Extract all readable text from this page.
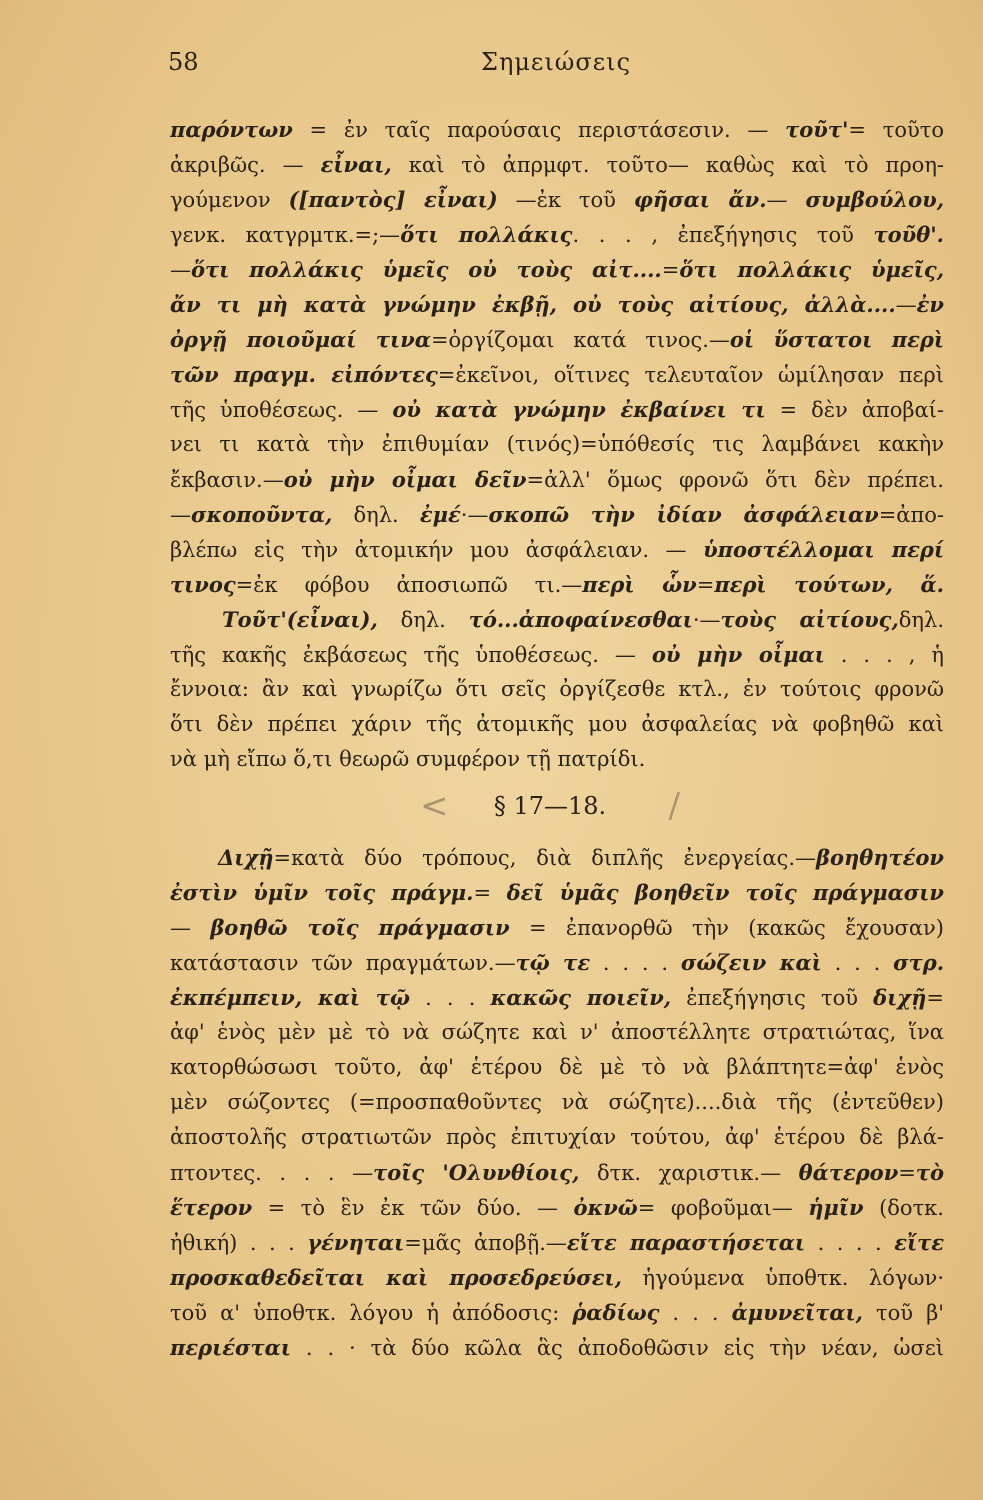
58	Σημειώσεις
παρόντων = ἐν ταῖς παρούσαις περιστάσεσιν. — τοῦτ'= τοῦτο
ἀκριβῶς. — εἶναι, καὶ τὸ ἀπρμφτ. τοῦτο— καθὼς καὶ τὸ προη-
γούμενον ([παντὸς] εἶναι) —ἐκ τοῦ φῆσαι ἄν.— συμβούλου,
γενκ. κατγρμτκ.=;—ὅτι πολλάκις. . . , ἐπεξήγησις τοῦ τοῦθ'.
—ὅτι πολλάκις ὑμεῖς οὐ τοὺς αἰτ....=ὅτι πολλάκις ὑμεῖς,
ἄν τι μὴ κατὰ γνώμην ἐκβῇ, οὐ τοὺς αἰτίους, ἀλλὰ....—ἐν
ὀργῇ ποιοῦμαί τινα=ὀργίζομαι κατά τινος.—οἱ ὕστατοι περὶ
τῶν πραγμ. εἰπόντες=ἐκεῖνοι, οἵτινες τελευταῖον ὡμίλησαν περὶ
τῆς ὑποθέσεως. — οὐ κατὰ γνώμην ἐκβαίνει τι = δὲν ἀποβαί-
νει τι κατὰ τὴν ἐπιθυμίαν (τινός)=ὑπόθεσίς τις λαμβάνει κακὴν
ἔκβασιν.—οὐ μὴν οἶμαι δεῖν=ἀλλ' ὅμως φρονῶ ὅτι δὲν πρέπει.
—σκοποῦντα, δηλ. ἐμέ·—σκοπῶ τὴν ἰδίαν ἀσφάλειαν=ἀπο-
βλέπω εἰς τὴν ἀτομικήν μου ἀσφάλειαν. — ὑποστέλλομαι περί
τινος=ἐκ φόβου ἀποσιωπῶ τι.—περὶ ὧν=περὶ τούτων, ἅ.
Τοῦτ'(εἶναι), δηλ. τό...ἀποφαίνεσθαι·—τοὺς αἰτίους,δηλ.
τῆς κακῆς ἐκβάσεως τῆς ὑποθέσεως. — οὐ μὴν οἶμαι . . . , ἡ
ἔννοια: ἂν καὶ γνωρίζω ὅτι σεῖς ὀργίζεσθε κτλ., ἐν τούτοις φρονῶ
ὅτι δὲν πρέπει χάριν τῆς ἀτομικῆς μου ἀσφαλείας νὰ φοβηθῶ καὶ
νὰ μὴ εἴπω ὅ,τι θεωρῶ συμφέρον τῇ πατρίδι.
< § 17—18. /
Διχῇ=κατὰ δύο τρόπους, διὰ διπλῆς ἐνεργείας.—βοηθητέον
ἐστὶν ὑμῖν τοῖς πράγμ.= δεῖ ὑμᾶς βοηθεῖν τοῖς πράγμασιν
— βοηθῶ τοῖς πράγμασιν = ἐπανορθῶ τὴν (κακῶς ἔχουσαν)
κατάστασιν τῶν πραγμάτων.—τῷ τε . . . . σώζειν καὶ . . . στρ.
ἐκπέμπειν, καὶ τῷ . . . κακῶς ποιεῖν, ἐπεξήγησις τοῦ διχῇ=
ἀφ' ἑνὸς μὲν μὲ τὸ νὰ σώζητε καὶ ν' ἀποστέλλητε στρατιώτας, ἵνα
κατορθώσωσι τοῦτο, ἀφ' ἑτέρου δὲ μὲ τὸ νὰ βλάπτητε=ἀφ' ἑνὸς
μὲν σώζοντες (=προσπαθοῦντες νὰ σώζητε)....διὰ τῆς (ἐντεῦθεν)
ἀποστολῆς στρατιωτῶν πρὸς ἐπιτυχίαν τούτου, ἀφ' ἑτέρου δὲ βλά-
πτοντες. . . . —τοῖς 'Ολυνθίοις, δτκ. χαριστικ.— θάτερον=τὸ
ἕτερον = τὸ ἓν ἐκ τῶν δύο. — ὀκνῶ= φοβοῦμαι— ἡμῖν (δοτκ.
ἠθική) . . . γένηται=μᾶς ἀποβῇ.—εἴτε παραστήσεται . . . . εἴτε
προσκαθεδεῖται καὶ προσεδρεύσει, ἡγούμενα ὑποθτκ. λόγων·
τοῦ α' ὑποθτκ. λόγου ἡ ἀπόδοσις: ῥαδίως . . . ἀμυνεῖται, τοῦ β'
περιέσται . . · τὰ δύο κῶλα ἃς ἀποδοθῶσιν εἰς τὴν νέαν, ὡσεὶ
